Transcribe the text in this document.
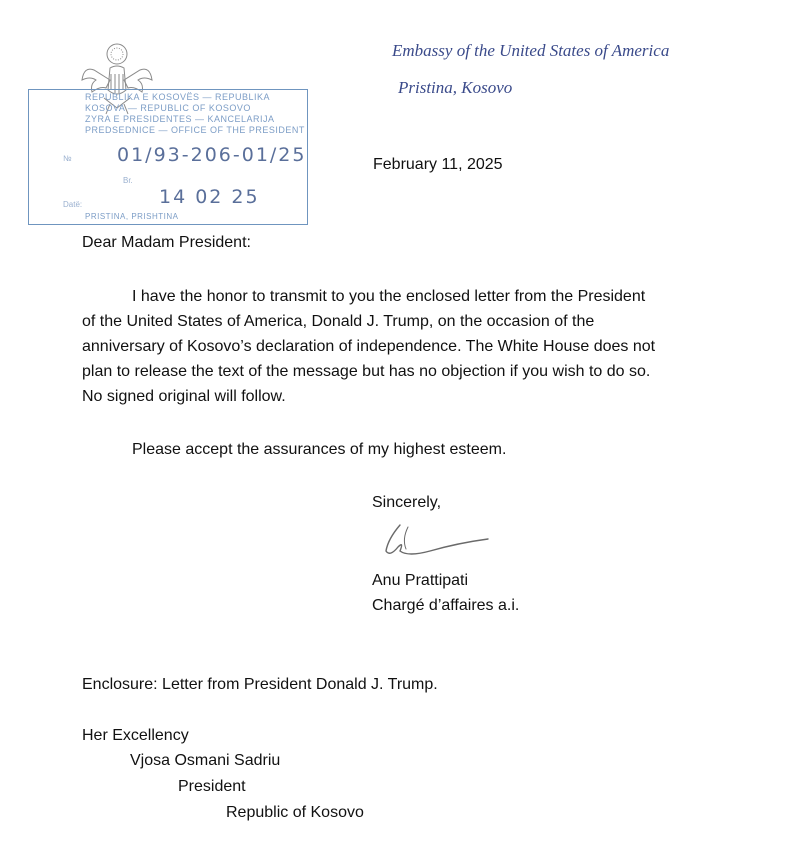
Embassy of the United States of America
Pristina, Kosovo
REPUBLIKA E KOSOVËS — REPUBLIKA
KOSOVA — REPUBLIC OF KOSOVO
ZYRA E PRESIDENTES — KANCELARIJA
PREDSEDNICE — OFFICE OF THE PRESIDENT
№ 01/93-206-01/25
Br.
14 02 25
Datë:
PRISTINA, PRISHTINA
February 11, 2025
Dear Madam President:
I have the honor to transmit to you the enclosed letter from the President
of the United States of America, Donald J. Trump, on the occasion of the
anniversary of Kosovo’s declaration of independence. The White House does not
plan to release the text of the message but has no objection if you wish to do so.
No signed original will follow.
Please accept the assurances of my highest esteem.
Sincerely,
Anu Prattipati
Chargé d’affaires a.i.
Enclosure: Letter from President Donald J. Trump.
Her Excellency
Vjosa Osmani Sadriu
President
Republic of Kosovo
